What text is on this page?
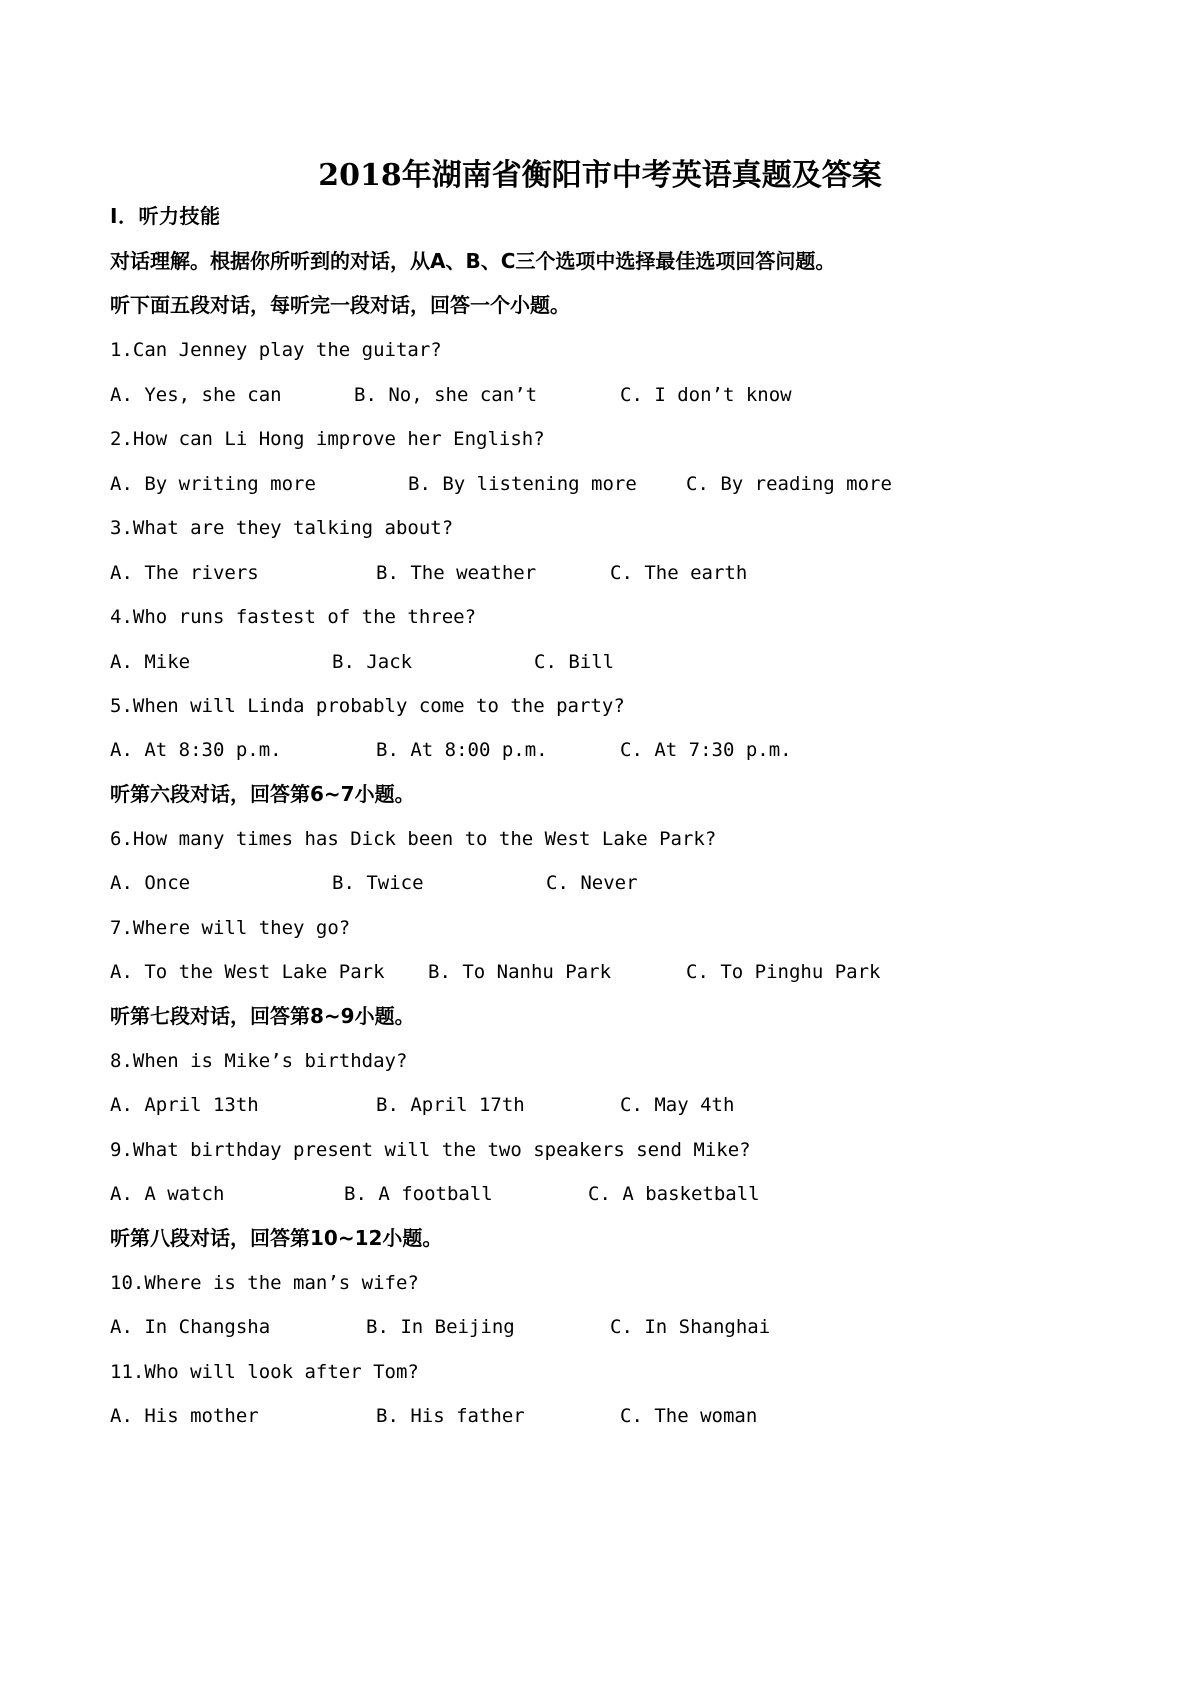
2018年湖南省衡阳市中考英语真题及答案
Ⅰ．听力技能
对话理解。根据你所听到的对话，从A、B、C三个选项中选择最佳选项回答问题。
听下面五段对话，每听完一段对话，回答一个小题。
1.Can Jenney play the guitar?
A. Yes, she can	B. No, she can’t	C. I don’t know
2.How can Li Hong improve her English?
A. By writing more	B. By listening more	C. By reading more
3.What are they talking about?
A. The rivers	B. The weather	C. The earth
4.Who runs fastest of the three?
A. Mike	B. Jack	C. Bill
5.When will Linda probably come to the party?
A. At 8:30 p.m.	B. At 8:00 p.m.	C. At 7:30 p.m.
听第六段对话，回答第6~7小题。
6.How many times has Dick been to the West Lake Park?
A. Once	B. Twice	C. Never
7.Where will they go?
A. To the West Lake Park B. To Nanhu Park	C. To Pinghu Park
听第七段对话，回答第8~9小题。
8.When is Mike’s birthday?
A. April 13th	B. April 17th	C. May 4th
9.What birthday present will the two speakers send Mike?
A. A watch	B. A football	C. A basketball
听第八段对话，回答第10~12小题。
10.Where is the man’s wife?
A. In Changsha	B. In Beijing	C. In Shanghai
11.Who will look after Tom?
A. His mother	B. His father	C. The woman
